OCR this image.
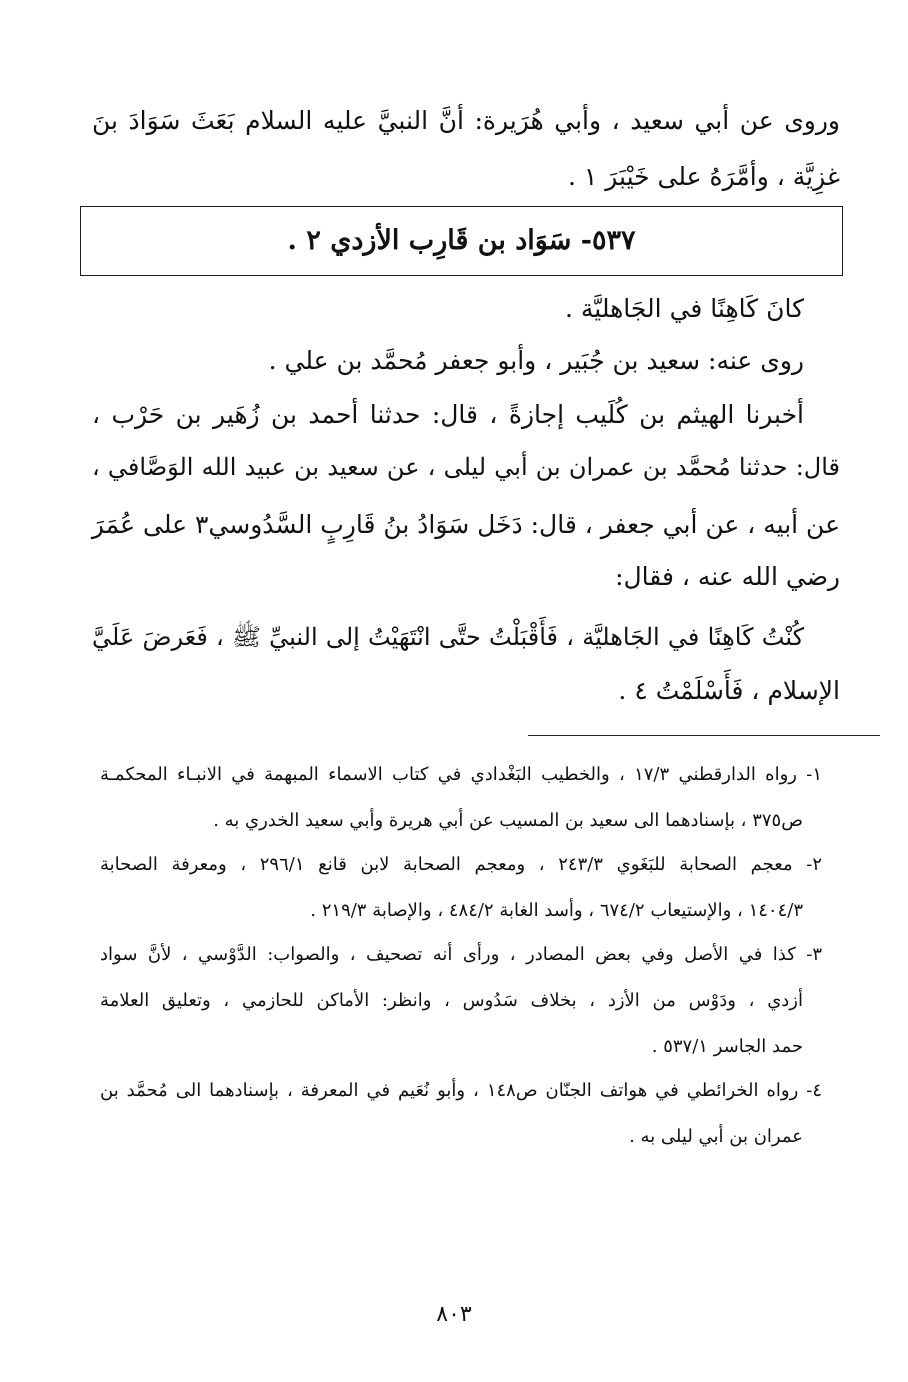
وروى عن أبي سعيد ، وأبي هُرَيرة: أنَّ النبيَّ عليه السلام بَعَثَ سَوَادَ بنَ
غزِيَّة ، وأمَّرَهُ على خَيْبَرَ ١ .
٥٣٧- سَوَاد بن قَارِب الأزدي ٢ .
كانَ كَاهِنًا في الجَاهليَّة .
روى عنه: سعيد بن جُبَير ، وأبو جعفر مُحمَّد بن علي .
أخبرنا الهيثم بن كُلَيب إجازةً ، قال: حدثنا أحمد بن زُهَير بن حَرْب ،
قال: حدثنا مُحمَّد بن عمران بن أبي ليلى ، عن سعيد بن عبيد الله الوَصَّافي ،
عن أبيه ، عن أبي جعفر ، قال: دَخَل سَوَادُ بنُ قَارِبٍ السَّدُوسي٣ على عُمَرَ
رضي الله عنه ، فقال:
كُنْتُ كَاهِنًا في الجَاهليَّة ، فَأَقْبَلْتُ حتَّى انْتَهَيْتُ إلى النبيِّ ﷺ ، فَعَرضَ عَلَيَّ
الإسلام ، فَأَسْلَمْتُ ٤ .
١- رواه الدارقطني ١٧/٣ ، والخطيب البَغْدادي في كتاب الاسماء المبهمة في الانبـاء المحكمـة
ص٣٧٥ ، بإسنادهما الى سعيد بن المسيب عن أبي هريرة وأبي سعيد الخدري به .
٢- معجم الصحابة للبَغَوي ٢٤٣/٣ ، ومعجم الصحابة لابن قانع ٢٩٦/١ ، ومعرفة الصحابة
١٤٠٤/٣ ، والإستيعاب ٦٧٤/٢ ، وأسد الغابة ٤٨٤/٢ ، والإصابة ٢١٩/٣ .
٣- كذا في الأصل وفي بعض المصادر ، ورأى أنه تصحيف ، والصواب: الدَّوْسي ، لأنَّ سواد
أزدي ، ودَوْس من الأزد ، بخلاف سَدُوس ، وانظر: الأماكن للحازمي ، وتعليق العلامة
حمد الجاسر ٥٣٧/١ .
٤- رواه الخرائطي في هواتف الجنّان ص١٤٨ ، وأبو نُعَيم في المعرفة ، بإسنادهما الى مُحمَّد بن
عمران بن أبي ليلى به .
٨٠٣
